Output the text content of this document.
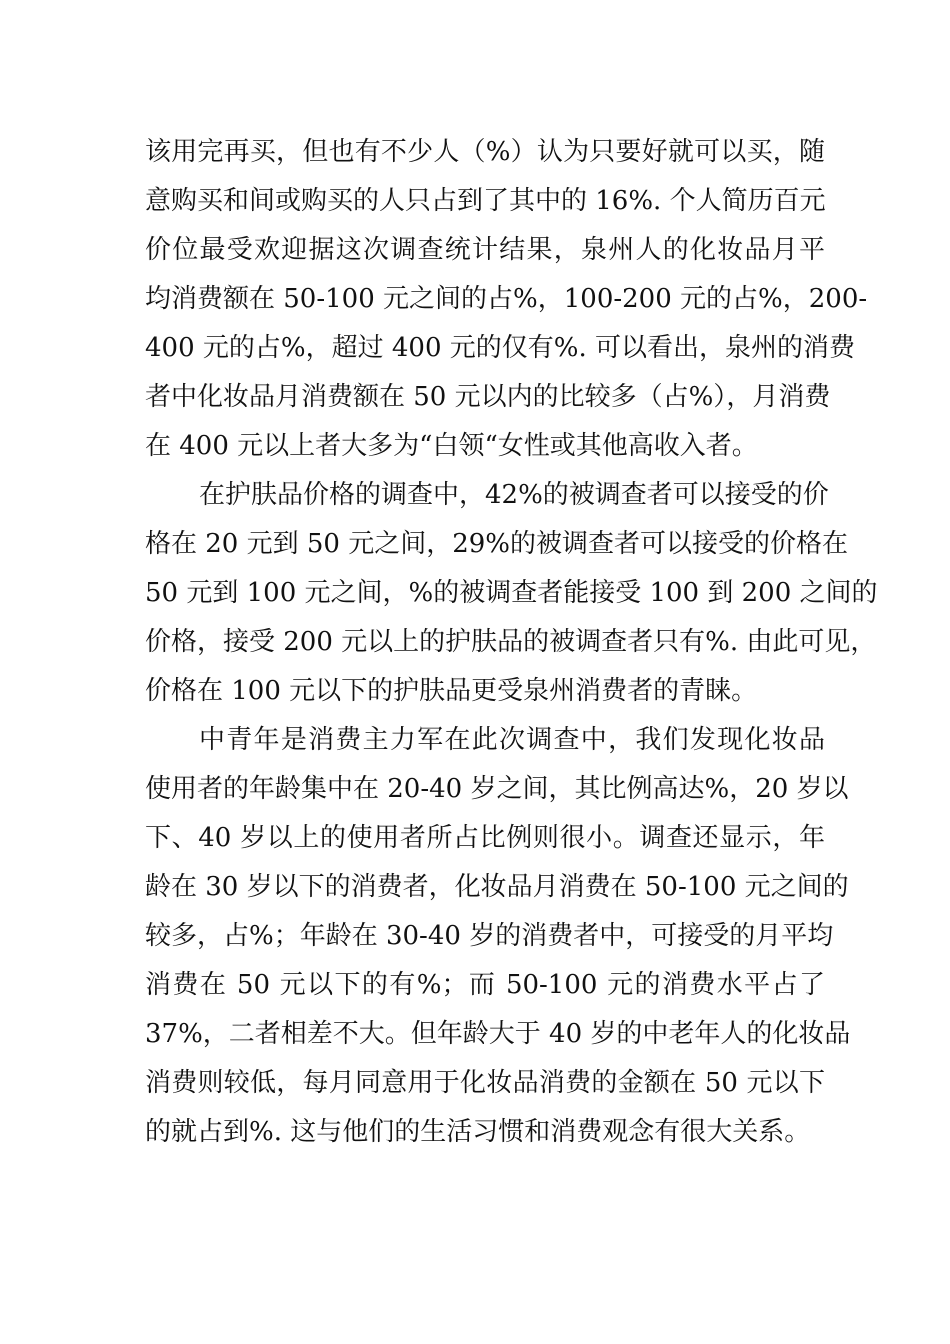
该用完再买，但也有不少人（%）认为只要好就可以买，随
意购买和间或购买的人只占到了其中的 16%. 个人简历百元
价位最受欢迎据这次调查统计结果，泉州人的化妆品月平
均消费额在 50-100 元之间的占%，100-200 元的占%，200-
400 元的占%，超过 400 元的仅有%. 可以看出，泉州的消费
者中化妆品月消费额在 50 元以内的比较多（占%），月消费
在 400 元以上者大多为“白领“女性或其他高收入者。
在护肤品价格的调查中，42%的被调查者可以接受的价
格在 20 元到 50 元之间，29%的被调查者可以接受的价格在
50 元到 100 元之间，%的被调查者能接受 100 到 200 之间的
价格，接受 200 元以上的护肤品的被调查者只有%. 由此可见，
价格在 100 元以下的护肤品更受泉州消费者的青睐。
中青年是消费主力军在此次调查中，我们发现化妆品
使用者的年龄集中在 20-40 岁之间，其比例高达%，20 岁以
下、40 岁以上的使用者所占比例则很小。调查还显示，年
龄在 30 岁以下的消费者，化妆品月消费在 50-100 元之间的
较多，占%；年龄在 30-40 岁的消费者中，可接受的月平均
消费在 50 元以下的有%；而 50-100 元的消费水平占了
37%，二者相差不大。但年龄大于 40 岁的中老年人的化妆品
消费则较低，每月同意用于化妆品消费的金额在 50 元以下
的就占到%. 这与他们的生活习惯和消费观念有很大关系。
